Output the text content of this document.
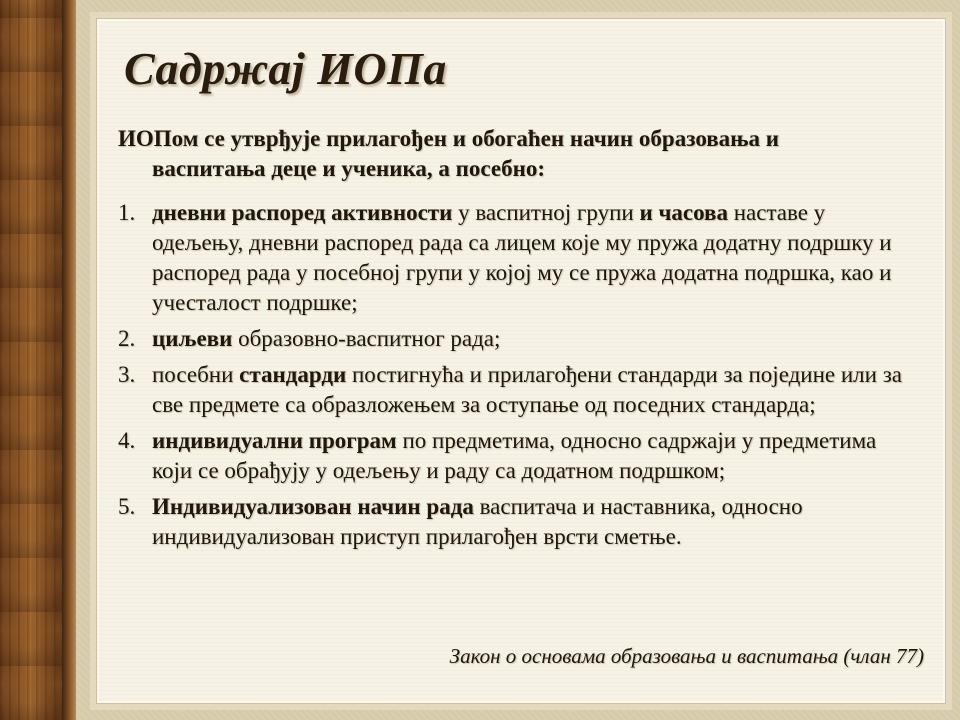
Садржај ИОПа
ИОПом се утврђује прилагођен и обогаћен начин образовања и
васпитања деце и ученика, а посебно:
1. дневни распоред активности у васпитној групи и часова наставе у одељењу, дневни распоред рада са лицем које му пружа додатну подршку и распоред рада у посебној групи у којој му се пружа додатна подршка, као и учесталост подршке;
2. циљеви образовно-васпитног рада;
3. посебни стандарди постигнућа и прилагођени стандарди за поједине или за све предмете са образложењем за оступање од поседних стандарда;
4. индивидуални програм по предметима, односно садржаји у предметима који се обрађују у одељењу и раду са додатном подршком;
5. Индивидуализован начин рада васпитача и наставника, односно индивидуализован приступ прилагођен врсти сметње.
Закон о основама образовања и васпитања (члан 77)
